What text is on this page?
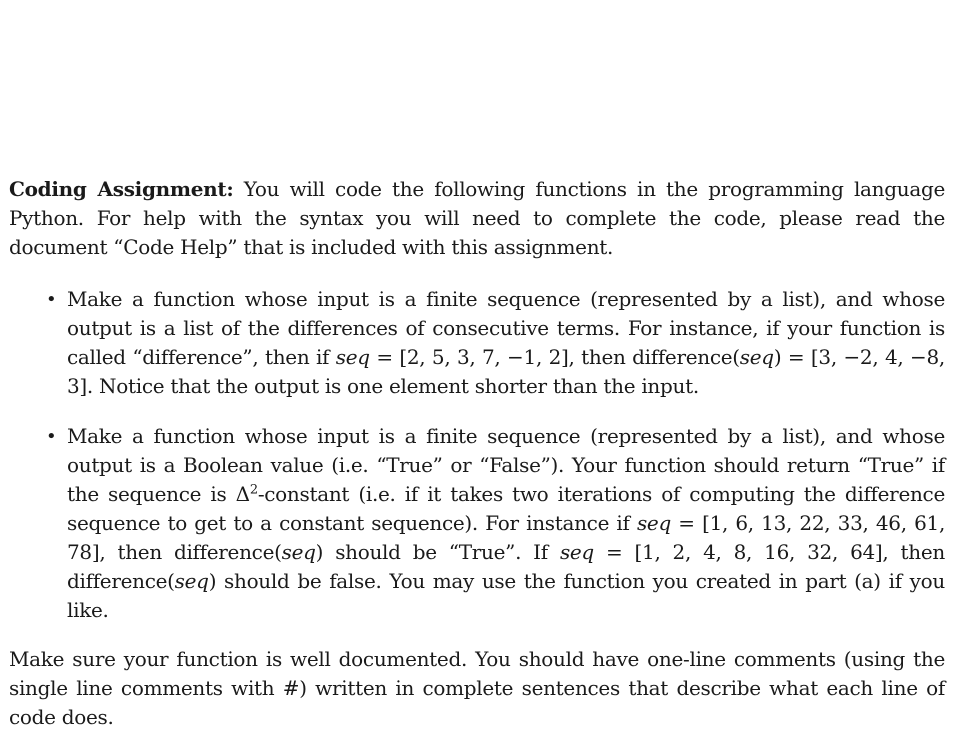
Coding Assignment: You will code the following functions in the programming language Python. For help with the syntax you will need to complete the code, please read the document “Code Help” that is included with this assignment.

• Make a function whose input is a finite sequence (represented by a list), and whose output is a list of the differences of consecutive terms. For instance, if your function is called “difference”, then if seq = [2, 5, 3, 7, −1, 2], then difference(seq) = [3, −2, 4, −8, 3]. Notice that the output is one element shorter than the input.
• Make a function whose input is a finite sequence (represented by a list), and whose output is a Boolean value (i.e. “True” or “False”). Your function should return “True” if the sequence is $\Delta^2$-constant (i.e. if it takes two iterations of computing the difference sequence to get to a constant sequence). For instance if seq = [1, 6, 13, 22, 33, 46, 61, 78], then difference(seq) should be “True”. If seq = [1, 2, 4, 8, 16, 32, 64], then difference(seq) should be false. You may use the function you created in part (a) if you like.

Make sure your function is well documented. You should have one-line comments (using the single line comments with #) written in complete sentences that describe what each line of code does.
